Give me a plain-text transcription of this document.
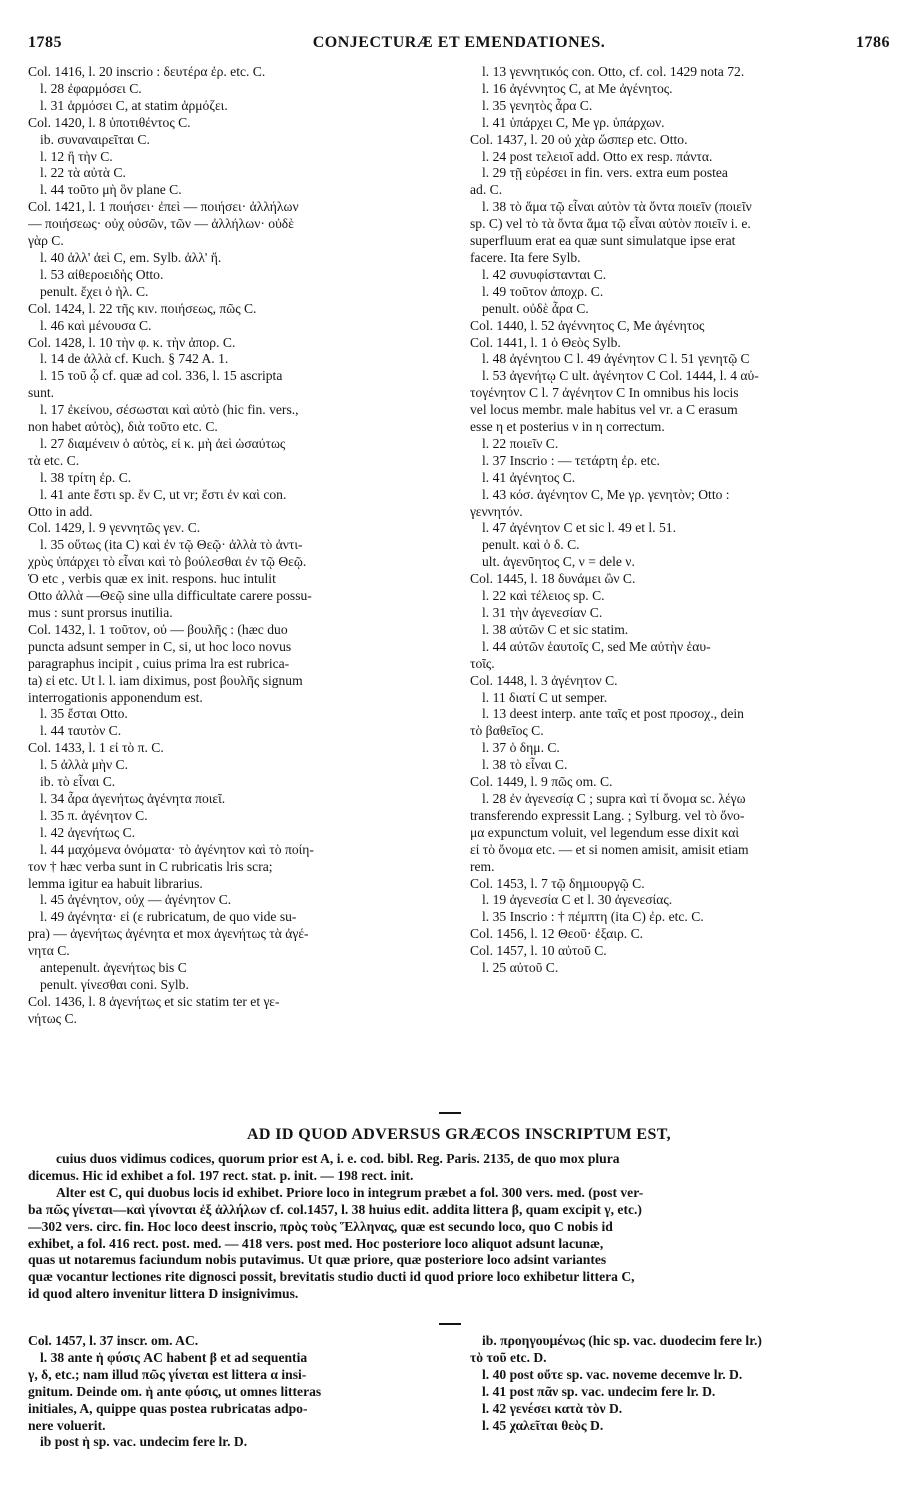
1785	CONJECTURÆ ET EMENDATIONES.	1786
Col. 1416, l. 20 inscrio : δευτέρα ἐρ. etc. C.
l. 28 ἐφαρμόσει C.
l. 31 ἁρμόσει C, at statim ἁρμόζει.
Col. 1420, l. 8 ὑποτιθέντος C.
ib. συναναιρεῖται C.
l. 12 ἢ τὴν C.
l. 22 τὰ αὐτὰ C.
l. 44 τοῦτο μὴ ὃν plane C.
Col. 1421, l. 1 ποιήσει· ἐπεὶ — ποιήσει· ἀλλήλων
— ποιήσεως· οὐχ οὐσῶν, τῶν — ἀλλήλων· οὐδὲ
γὰρ C.
l. 40 ἀλλ' ἀεὶ C, em. Sylb. ἀλλ' ἤ.
l. 53 αἰθεροειδὴς Otto.
penult. ἔχει ὁ ἡλ. C.
Col. 1424, l. 22 τῆς κιν. ποιήσεως, πῶς C.
l. 46 καὶ μένουσα C.
Col. 1428, l. 10 τὴν φ. κ. τὴν ἀπορ. C.
l. 14 de ἀλλὰ cf. Kuch. § 742 A. 1.
l. 15 τοῦ ᾧ cf. quæ ad col. 336, l. 15 ascripta
sunt.
l. 17 ἐκείνου, σέσωσται καὶ αὐτὸ (hic fin. vers.,
non habet αὐτὸς), διὰ τοῦτο etc. C.
l. 27 διαμένειν ὁ αὐτὸς, εἰ κ. μὴ ἀεὶ ὡσαύτως
τὰ etc. C.
l. 38 τρίτη ἐρ. C.
l. 41 ante ἔστι sp. ἔν C, ut vr; ἔστι ἐν καὶ con.
Otto in add.
Col. 1429, l. 9 γεννητῶς γεν. C.
l. 35 οὕτως (ita C) καὶ ἐν τῷ Θεῷ· ἀλλὰ τὸ ἀντι-
χρὺς ὑπάρχει τὸ εἶναι καὶ τὸ βούλεσθαι ἐν τῷ Θεῷ.
Ὁ etc , verbis quæ ex init. respons. huc intulit
Otto ἀλλὰ —Θεῷ sine ulla difficultate carere possu-
mus : sunt prorsus inutilia.
Col. 1432, l. 1 τοῦτον, οὐ — βουλῆς : (hæc duo
puncta adsunt semper in C, si, ut hoc loco novus
paragraphus incipit , cuius prima lra est rubrica-
ta) εἰ etc. Ut l. l. iam diximus, post βουλῆς signum
interrogationis apponendum est.
l. 35 ἔσται Otto.
l. 44 ταυτὸν C.
Col. 1433, l. 1 εἰ τὸ π. C.
l. 5 ἀλλὰ μὴν C.
ib. τὸ εἶναι C.
l. 34 ἆρα ἀγενήτως ἀγένητα ποιεῖ.
l. 35 π. ἀγένητον C.
l. 42 ἀγενήτως C.
l. 44 μαχόμενα ὀνόματα· τὸ ἀγένητον καὶ τὸ ποίη-
τον † hæc verba sunt in C rubricatis lris scra;
lemma igitur ea habuit librarius.
l. 45 ἀγένητον, οὐχ — ἀγένητον C.
l. 49 ἀγένητα· εἰ (ε rubricatum, de quo vide su-
pra) — ἀγενήτως ἀγένητα et mox ἀγενήτως τὰ ἀγέ-
νητα C.
antepenult. ἀγενήτως bis C
penult. γίνεσθαι coni. Sylb.
Col. 1436, l. 8 ἀγενήτως et sic statim ter et γε-
νήτως C.
l. 13 γεννητικός con. Otto, cf. col. 1429 nota 72.
l. 16 ἀγέννητος C, at Me ἀγένητος.
l. 35 γενητὸς ἆρα C.
l. 41 ὑπάρχει C, Me γρ. ὑπάρχων.
Col. 1437, l. 20 οὐ χὰρ ὥσπερ etc. Otto.
l. 24 post τελειοῖ add. Otto ex resp. πάντα.
l. 29 τῇ εὑρέσει in fin. vers. extra eum postea
ad. C.
l. 38 τὸ ἅμα τῷ εἶναι αὐτὸν τὰ ὄντα ποιεῖν (ποιεῖν
sp. C) vel τὸ τὰ ὄντα ἅμα τῷ εἶναι αὐτὸν ποιεῖν i. e.
superfluum erat ea quæ sunt simulatque ipse erat
facere. Ita fere Sylb.
l. 42 συνυφίστανται C.
l. 49 τοῦτον ἀποχρ. C.
penult. οὐδὲ ἆρα C.
Col. 1440, l. 52 ἀγέννητος C, Me ἀγένητος
Col. 1441, l. 1 ὁ Θεὸς Sylb.
l. 48 ἀγένητου C l. 49 ἀγένητον C l. 51 γενητῷ C
l. 53 ἀγενήτῳ C ult. ἀγένητον C Col. 1444, l. 4 αὐ-
τογένητον C l. 7 ἀγένητον C In omnibus his locis
vel locus membr. male habitus vel vr. a C erasum
esse η et posterius ν in η correctum.
l. 22 ποιεῖν C.
l. 37 Inscrio : — τετάρτη ἐρ. etc.
l. 41 ἀγένητος C.
l. 43 κόσ. ἀγένητον C, Me γρ. γενητὸν; Otto :
γεννητόν.
l. 47 ἀγένητον C et sic l. 49 et l. 51.
penult. καὶ ὁ δ. C.
ult. ἀγενῦητος C, ν = dele ν.
Col. 1445, l. 18 δυνάμει ὢν C.
l. 22 καὶ τέλειος sp. C.
l. 31 τὴν ἀγενεσίαν C.
l. 38 αὐτῶν C et sic statim.
l. 44 αὐτῶν ἑαυτοῖς C, sed Me αὐτὴν ἑαυ-
τοῖς.
Col. 1448, l. 3 ἀγένητον C.
l. 11 διατί C ut semper.
l. 13 deest interp. ante ταῖς et post προσοχ., dein
τὸ βαθεῖος C.
l. 37 ὁ δημ. C.
l. 38 τὸ εἶναι C.
Col. 1449, l. 9 πῶς om. C.
l. 28 ἐν ἀγενεσίᾳ C ; supra καὶ τί ὄνομα sc. λέγω
transferendo expressit Lang. ; Sylburg. vel τὸ ὄνο-
μα expunctum voluit, vel legendum esse dixit καὶ
εἰ τὸ ὄνομα etc. — et si nomen amisit, amisit etiam
rem.
Col. 1453, l. 7 τῷ δημιουργῷ C.
l. 19 ἀγενεσία C et l. 30 ἀγενεσίας.
l. 35 Inscrio : † πέμπτη (ita C) ἐρ. etc. C.
Col. 1456, l. 12 Θεοῦ· ἐξαιρ. C.
Col. 1457, l. 10 αὐτοῦ C.
l. 25 αὐτοῦ C.
AD ID QUOD ADVERSUS GRÆCOS INSCRIPTUM EST,
cuius duos vidimus codices, quorum prior est A, i. e. cod. bibl. Reg. Paris. 2135, de quo mox plura
dicemus. Hic id exhibet a fol. 197 rect. stat. p. init. — 198 rect. init.
Alter est C, qui duobus locis id exhibet. Priore loco in integrum præbet a fol. 300 vers. med. (post ver-
ba πῶς γίνεται—καὶ γίνονται ἐξ ἀλλήλων cf. col.1457, l. 38 huius edit. addita littera β, quam excipit γ, etc.)
—302 vers. circ. fin. Hoc loco deest inscrio, πρὸς τοὺς Ἕλληνας, quæ est secundo loco, quo C nobis id
exhibet, a fol. 416 rect. post. med. — 418 vers. post med. Hoc posteriore loco aliquot adsunt lacunæ,
quas ut notaremus faciundum nobis putavimus. Ut quæ priore, quæ posteriore loco adsint variantes
quæ vocantur lectiones rite dignosci possit, brevitatis studio ducti id quod priore loco exhibetur littera C,
id quod altero invenitur littera D insignivimus.
Col. 1457, l. 37 inscr. om. AC.
l. 38 ante ἡ φύσις AC habent β et ad sequentia
γ, δ, etc.; nam illud πῶς γίνεται est littera α insi-
gnitum. Deinde om. ἡ ante φύσις, ut omnes litteras
initiales, A, quippe quas postea rubricatas adpo-
nere voluerit.
ib post ἡ sp. vac. undecim fere lr. D.
ib. προηγουμένως (hic sp. vac. duodecim fere lr.)
τὸ τοῦ etc. D.
l. 40 post οὔτε sp. vac. noveme decemve lr. D.
l. 41 post πᾶν sp. vac. undecim fere lr. D.
l. 42 γενέσει κατὰ τὸν D.
l. 45 χαλεῖται θεὸς D.
